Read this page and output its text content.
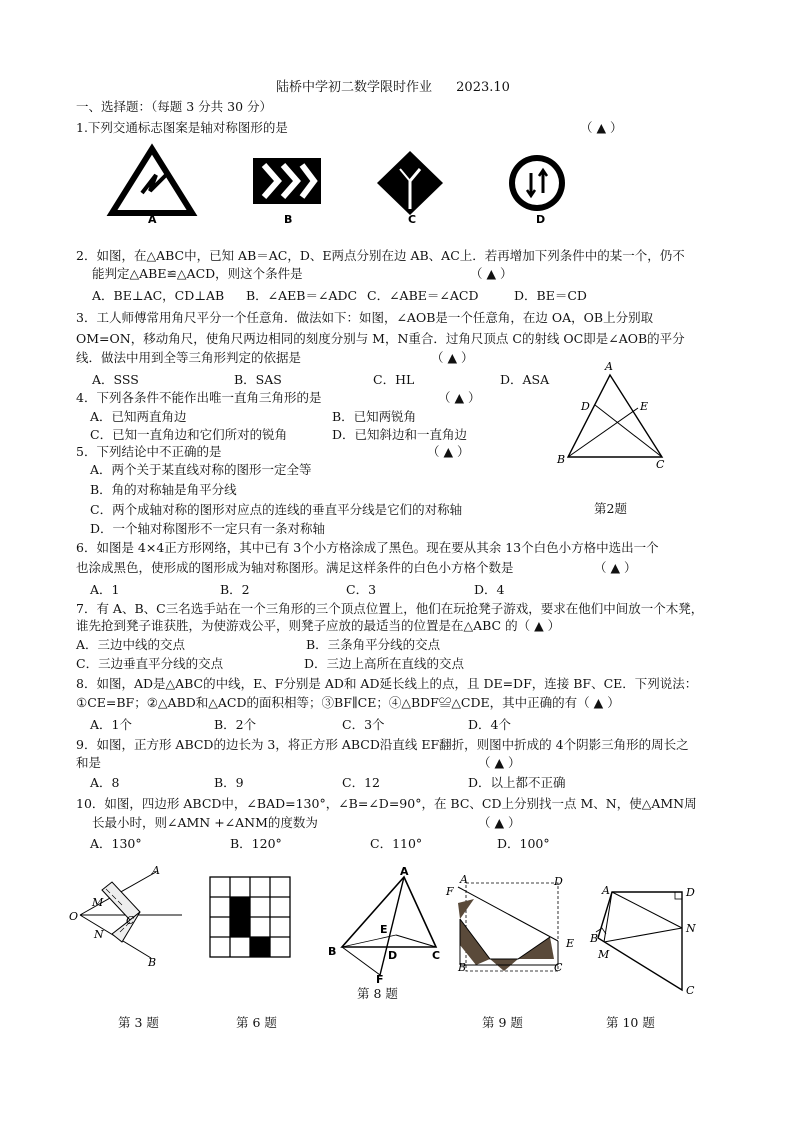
陆桥中学初二数学限时作业 2023.10
一、选择题：（每题 3 分共 30 分）
1.下列交通标志图案是轴对称图形的是	（ ▲ ）
A	B	C	D
2．如图，在△ABC中，已知 AB＝AC，D、E两点分别在边 AB、AC上．若再增加下列条件中的某一个，仍不
能判定△ABE≌△ACD，则这个条件是	（ ▲ ）
A．BE⊥AC，CD⊥AB B．∠AEB＝∠ADC C．∠ABE＝∠ACD	D．BE＝CD
3．工人师傅常用角尺平分一个任意角．做法如下：如图，∠AOB是一个任意角，在边 OA，OB上分别取
OM=ON，移动角尺，使角尺两边相同的刻度分别与 M，N重合．过角尺顶点 C的射线 OC即是∠AOB的平分
线．做法中用到全等三角形判定的依据是	（ ▲ ）
A．SSS	B．SAS	C．HL	D．ASA
4．下列各条件不能作出唯一直角三角形的是	（ ▲ ）
A．已知两直角边	B．已知两锐角
C．已知一直角边和它们所对的锐角	D．已知斜边和一直角边
5．下列结论中不正确的是	（ ▲ ）
A．两个关于某直线对称的图形一定全等
B．角的对称轴是角平分线
C．两个成轴对称的图形对应点的连线的垂直平分线是它们的对称轴
D．一个轴对称图形不一定只有一条对称轴
A
D	E
B	C
第2题
6．如图是 4×4正方形网络，其中已有 3个小方格涂成了黑色。现在要从其余 13个白色小方格中选出一个
也涂成黑色，使形成的图形成为轴对称图形。满足这样条件的白色小方格个数是	（ ▲ ）
A．1	B．2	C．3	D．4
7．有 A、B、C三名选手站在一个三角形的三个顶点位置上，他们在玩抢凳子游戏，要求在他们中间放一个木凳，
谁先抢到凳子谁获胜，为使游戏公平，则凳子应放的最适当的位置是在△ABC 的（ ▲ ）
A．三边中线的交点	B．三条角平分线的交点
C．三边垂直平分线的交点	D．三边上高所在直线的交点
8．如图，AD是△ABC的中线，E、F分别是 AD和 AD延长线上的点，且 DE=DF，连接 BF、CE．下列说法：
①CE=BF；②△ABD和△ACD的面积相等；③BF∥CE；④△BDF≌△CDE，其中正确的有（ ▲ ）
A．1个	B．2个	C．3个	D．4个
9．如图，正方形 ABCD的边长为 3，将正方形 ABCD沿直线 EF翻折，则图中折成的 4个阴影三角形的周长之
和是	（ ▲ ）
A．8	B．9	C．12	D．以上都不正确
10．如图，四边形 ABCD中，∠BAD=130°，∠B=∠D=90°，在 BC、CD上分别找一点 M、N，使△AMN周
长最小时，则∠AMN +∠ANM的度数为	（ ▲ ）
A．130°	B．120°	C．110°	D．100°
A
O
M
C
N
B
A
E
B	D	C
F
第 8 题
A	D
F
E
B	C
A	D
N
B
M
C
第 3 题	第 6 题	第 9 题	第 10 题
